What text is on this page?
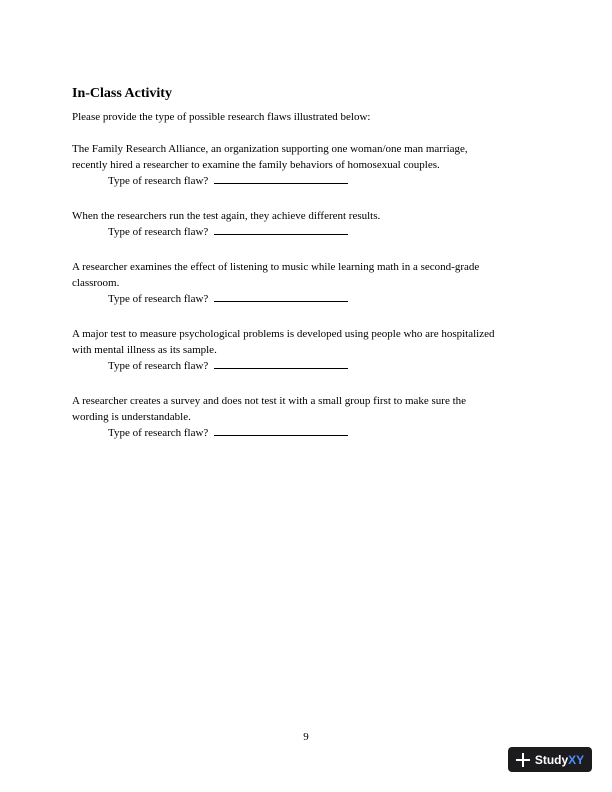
In-Class Activity
Please provide the type of possible research flaws illustrated below:
The Family Research Alliance, an organization supporting one woman/one man marriage,
recently hired a researcher to examine the family behaviors of homosexual couples.
Type of research flaw?
When the researchers run the test again, they achieve different results.
Type of research flaw?
A researcher examines the effect of listening to music while learning math in a second-grade
classroom.
Type of research flaw?
A major test to measure psychological problems is developed using people who are hospitalized
with mental illness as its sample.
Type of research flaw?
A researcher creates a survey and does not test it with a small group first to make sure the
wording is understandable.
Type of research flaw?
9
Study XY
